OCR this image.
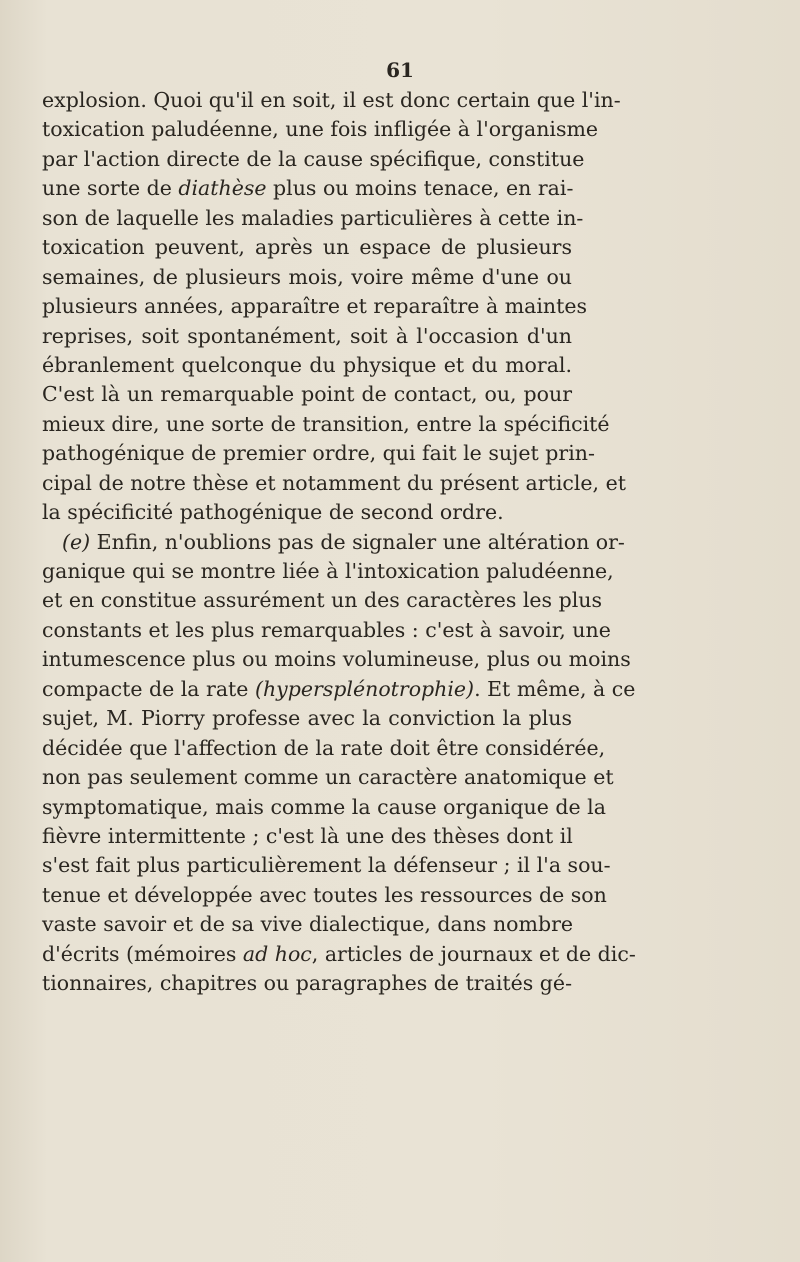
61
explosion. Quoi qu'il en soit, il est donc certain que l'in-
toxication paludéenne, une fois infligée à l'organisme
par l'action directe de la cause spécifique, constitue
une sorte de diathèse plus ou moins tenace, en rai-
son de laquelle les maladies particulières à cette in-
toxication peuvent, après un espace de plusieurs
semaines, de plusieurs mois, voire même d'une ou
plusieurs années, apparaître et reparaître à maintes
reprises, soit spontanément, soit à l'occasion d'un
ébranlement quelconque du physique et du moral.
C'est là un remarquable point de contact, ou, pour
mieux dire, une sorte de transition, entre la spécificité
pathogénique de premier ordre, qui fait le sujet prin-
cipal de notre thèse et notamment du présent article, et
la spécificité pathogénique de second ordre.
(e) Enfin, n'oublions pas de signaler une altération or-
ganique qui se montre liée à l'intoxication paludéenne,
et en constitue assurément un des caractères les plus
constants et les plus remarquables : c'est à savoir, une
intumescence plus ou moins volumineuse, plus ou moins
compacte de la rate (hypersplénotrophie). Et même, à ce
sujet, M. Piorry professe avec la conviction la plus
décidée que l'affection de la rate doit être considérée,
non pas seulement comme un caractère anatomique et
symptomatique, mais comme la cause organique de la
fièvre intermittente ; c'est là une des thèses dont il
s'est fait plus particulièrement la défenseur ; il l'a sou-
tenue et développée avec toutes les ressources de son
vaste savoir et de sa vive dialectique, dans nombre
d'écrits (mémoires ad hoc, articles de journaux et de dic-
tionnaires, chapitres ou paragraphes de traités gé-
